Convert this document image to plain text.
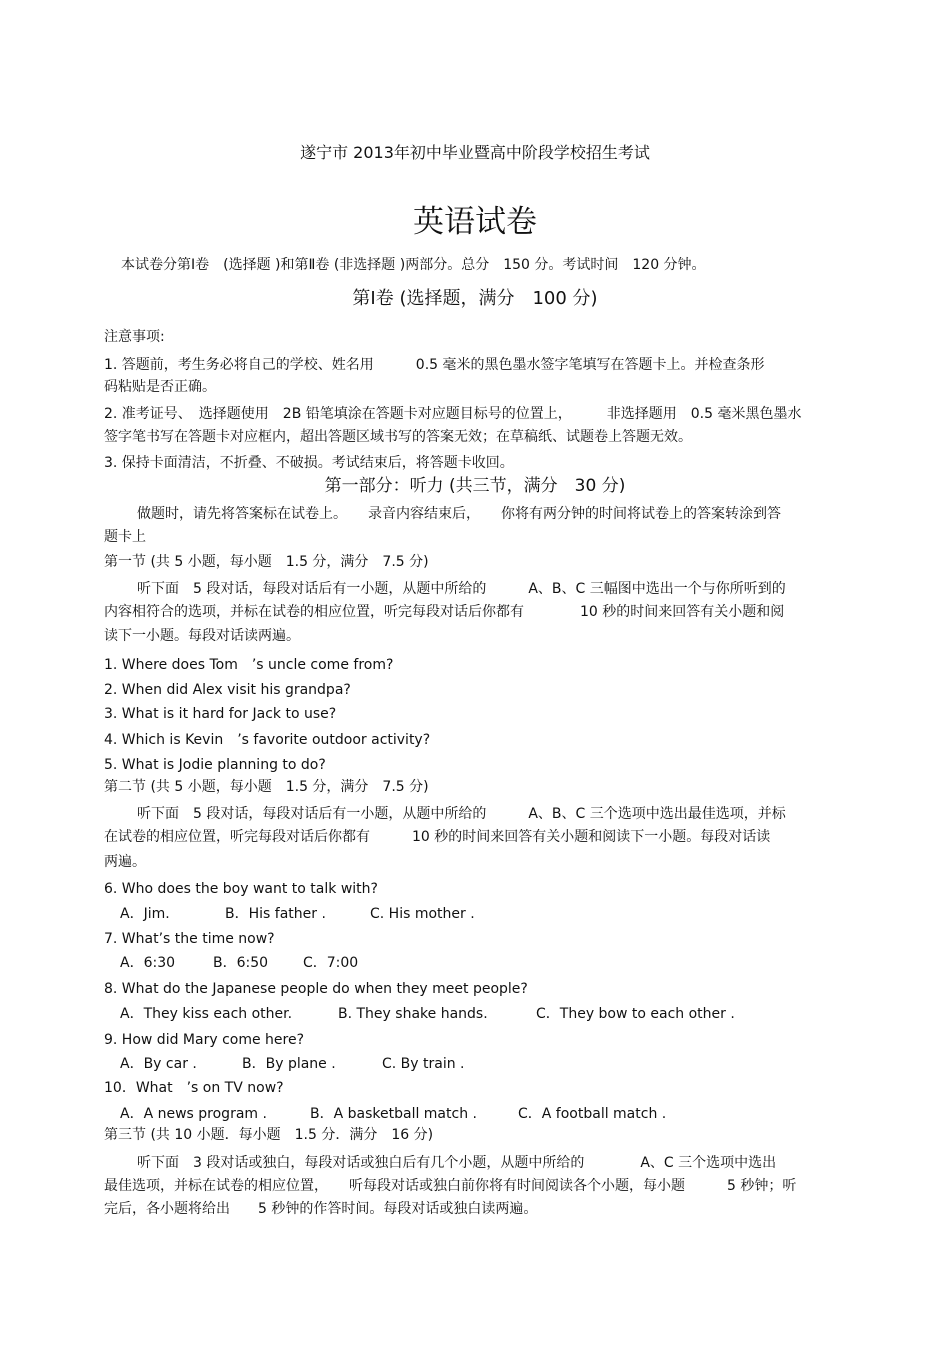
遂宁市 2013年初中毕业暨高中阶段学校招生考试
英语试卷
本试卷分第Ⅰ卷　(选择题 )和第Ⅱ卷 (非选择题 )两部分。总分　150 分。考试时间　120 分钟。
第Ⅰ卷 (选择题，满分　100 分)
注意事项:
1. 答题前，考生务必将自己的学校、姓名用　　　0.5 毫米的黑色墨水签字笔填写在答题卡上。并检查条形
码粘贴是否正确。
2. 准考证号、　选择题使用　2B 铅笔填涂在答题卡对应题目标号的位置上，　　　非选择题用　0.5 毫米黑色墨水
签字笔书写在答题卡对应框内，超出答题区域书写的答案无效；在草稿纸、试题卷上答题无效。
3. 保持卡面清洁，不折叠、不破损。考试结束后，将答题卡收回。
第一部分：听力 (共三节，满分　30 分)
做题时，请先将答案标在试卷上。　　录音内容结束后，　　你将有两分钟的时间将试卷上的答案转涂到答
题卡上
第一节 (共 5 小题，每小题　1.5 分，满分　7.5 分)
听下面　5 段对话，每段对话后有一小题，从题中所给的　　　A、B、C 三幅图中选出一个与你所听到的
内容相符合的选项，并标在试卷的相应位置，听完每段对话后你都有　　　　10 秒的时间来回答有关小题和阅
读下一小题。每段对话读两遍。
1. Where does Tom　’s uncle come from?
2. When did Alex visit his grandpa?
3. What is it hard for Jack to use?
4. Which is Kevin　’s favorite outdoor activity?
5. What is Jodie planning to do?
第二节 (共 5 小题，每小题　1.5 分，满分　7.5 分)
听下面　5 段对话，每段对话后有一小题，从题中所给的　　　A、B、C 三个选项中选出最佳选项，并标
在试卷的相应位置，听完每段对话后你都有　　　10 秒的时间来回答有关小题和阅读下一小题。每段对话读
两遍。
6. Who does the boy want to talk with?
A．Jim.	B．His father .	C. His mother .
7. What’s the time now?
A．6:30	B．6:50 C．7:00
8. What do the Japanese people do when they meet people?
A．They kiss each other.	B. They shake hands.	C．They bow to each other .
9. How did Mary come here?
A．By car .	B．By plane .	C. By train .
10．What　’s on TV now?
A．A news program .	B．A basketball match .	C．A football match .
第三节 (共 10 小题．每小题　1.5 分．满分　16 分)
听下面　3 段对话或独白，每段对话或独白后有几个小题，从题中所给的　　　　A、C 三个选项中选出
最佳选项，并标在试卷的相应位置，　　听每段对话或独白前你将有时间阅读各个小题，每小题　　　5 秒钟；听
完后，各小题将给出　　5 秒钟的作答时间。每段对话或独白读两遍。
